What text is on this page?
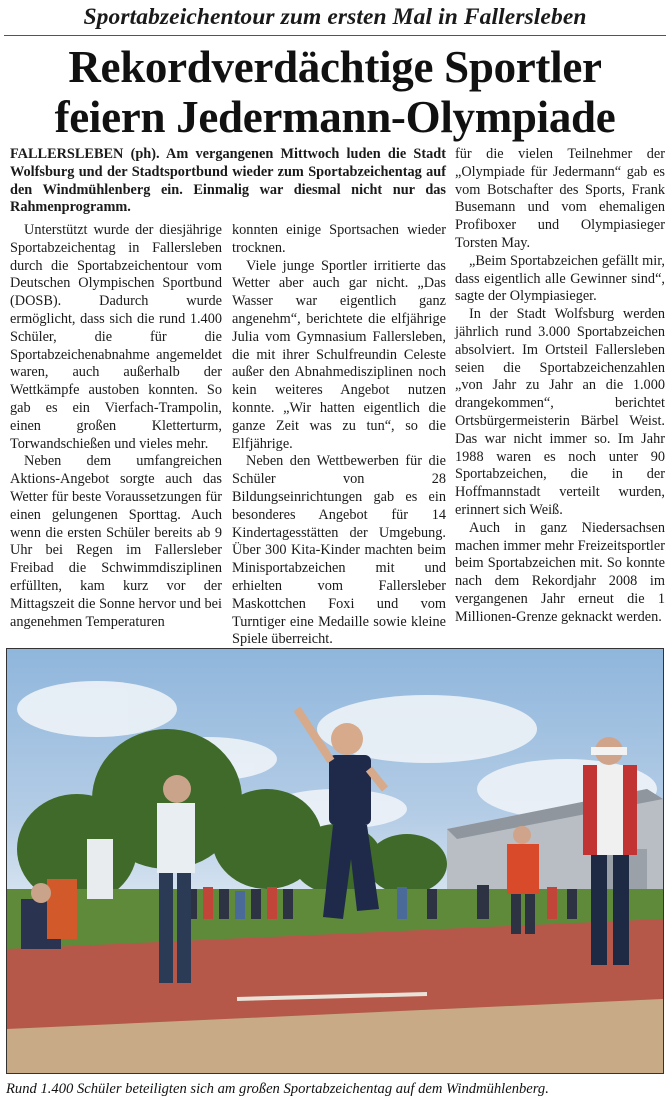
Sportabzeichentour zum ersten Mal in Fallersleben
Rekordverdächtige Sportler
feiern Jedermann-Olympiade
FALLERSLEBEN (ph). Am vergangenen Mittwoch luden die Stadt Wolfsburg und der Stadtsportbund wieder zum Sportabzeichentag auf den Windmühlenberg ein. Einmalig war diesmal nicht nur das Rahmenprogramm.

Unterstützt wurde der diesjährige Sportabzeichentag in Fallersleben durch die Sportabzeichentour vom Deutschen Olympischen Sportbund (DOSB). Dadurch wurde ermöglicht, dass sich die rund 1.400 Schüler, die für die Sportabzeichenabnahme angemeldet waren, auch außerhalb der Wettkämpfe austoben konnten. So gab es ein Vierfach-Trampolin, einen großen Kletterturm, Torwandschießen und vieles mehr.

Neben dem umfangreichen Aktions-Angebot sorgte auch das Wetter für beste Voraussetzungen für einen gelungenen Sporttag. Auch wenn die ersten Schüler bereits ab 9 Uhr bei Regen im Fallersleber Freibad die Schwimmdisziplinen erfüllten, kam kurz vor der Mittagszeit die Sonne hervor und bei angenehmen Temperaturen

konnten einige Sportsachen wieder trocknen.

Viele junge Sportler irritierte das Wetter aber auch gar nicht. „Das Wasser war eigentlich ganz angenehm“, berichtete die elfjährige Julia vom Gymnasium Fallersleben, die mit ihrer Schulfreundin Celeste außer den Abnahmedisziplinen noch kein weiteres Angebot nutzen konnte. „Wir hatten eigentlich die ganze Zeit was zu tun“, so die Elfjährige.

Neben den Wettbewerben für die Schüler von 28 Bildungseinrichtungen gab es ein besonderes Angebot für 14 Kindertagesstätten der Umgebung. Über 300 Kita-Kinder machten beim Minisportabzeichen mit und erhielten vom Fallersleber Maskottchen Foxi und vom Turntiger eine Medaille sowie kleine Spiele überreicht.

für die vielen Teilnehmer der „Olympiade für Jedermann“ gab es vom Botschafter des Sports, Frank Busemann und vom ehemaligen Profiboxer und Olympiasieger Torsten May.

„Beim Sportabzeichen gefällt mir, dass eigentlich alle Gewinner sind“, sagte der Olympiasieger.

In der Stadt Wolfsburg werden jährlich rund 3.000 Sportabzeichen absolviert. Im Ortsteil Fallersleben seien die Sportabzeichenzahlen „von Jahr zu Jahr an die 1.000 drangekommen“, berichtet Ortsbürgermeisterin Bärbel Weist. Das war nicht immer so. Im Jahr 1988 waren es noch unter 90 Sportabzeichen, die in der Hoffmannstadt verteilt wurden, erinnert sich Weiß.

Auch in ganz Niedersachsen machen immer mehr Freizeitsportler beim Sportabzeichen mit. So konnte nach dem Rekordjahr 2008 im vergangenen Jahr erneut die 1 Millionen-Grenze geknackt werden.

Rund 1.400 Schüler beteiligten sich am großen Sportabzeichentag auf dem Windmühlenberg.
